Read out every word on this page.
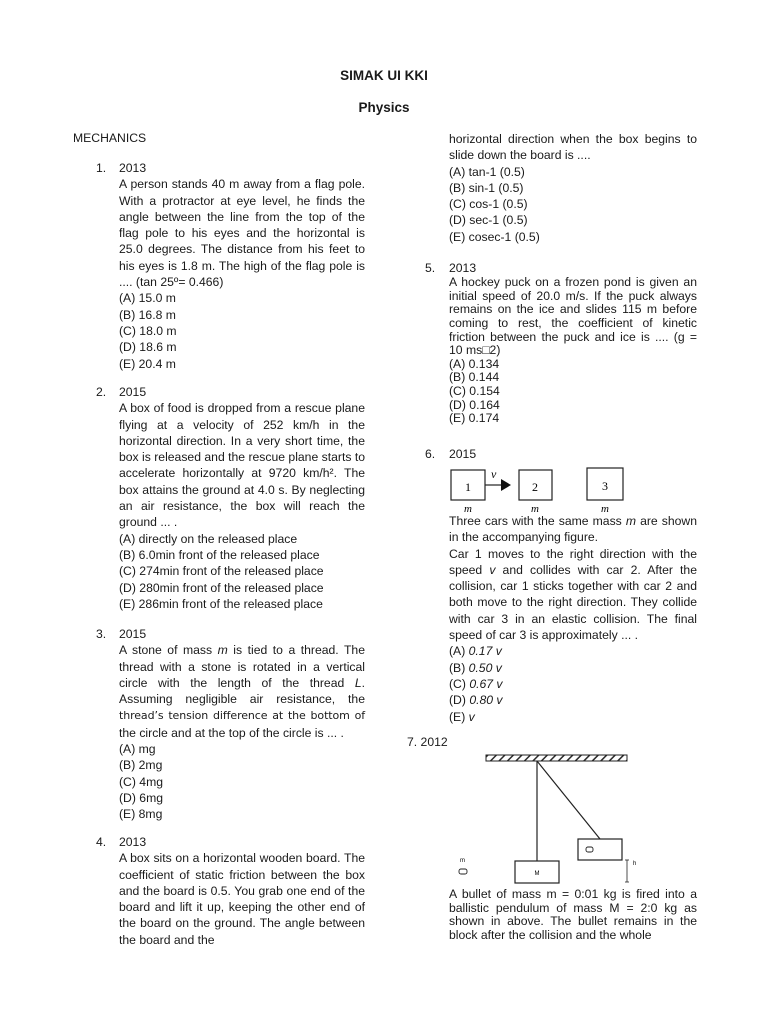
SIMAK UI KKI
Physics
MECHANICS
1. 2013
A person stands 40 m away from a flag pole. With a protractor at eye level, he finds the angle between the line from the top of the flag pole to his eyes and the horizontal is 25.0 degrees. The distance from his feet to his eyes is 1.8 m. The high of the flag pole is .... (tan 25º= 0.466)
(A) 15.0 m
(B) 16.8 m
(C) 18.0 m
(D) 18.6 m
(E) 20.4 m
2. 2015
A box of food is dropped from a rescue plane flying at a velocity of 252 km/h in the horizontal direction. In a very short time, the box is released and the rescue plane starts to accelerate horizontally at 9720 km/h². The box attains the ground at 4.0 s. By neglecting an air resistance, the box will reach the ground ... .
(A) directly on the released place
(B) 6.0min front of the released place
(C) 274min front of the released place
(D) 280min front of the released place
(E) 286min front of the released place
3. 2015
A stone of mass m is tied to a thread. The thread with a stone is rotated in a vertical circle with the length of the thread L. Assuming negligible air resistance, the thread’s tension difference at the bottom of the circle and at the top of the circle is ... .
(A) mg
(B) 2mg
(C) 4mg
(D) 6mg
(E) 8mg
4. 2013
A box sits on a horizontal wooden board. The coefficient of static friction between the box and the board is 0.5. You grab one end of the board and lift it up, keeping the other end of the board on the ground. The angle between the board and the
horizontal direction when the box begins to slide down the board is ....
(A) tan-1 (0.5)
(B) sin-1 (0.5)
(C) cos-1 (0.5)
(D) sec-1 (0.5)
(E) cosec-1 (0.5)
5. 2013
A hockey puck on a frozen pond is given an initial speed of 20.0 m/s. If the puck always remains on the ice and slides 115 m before coming to rest, the coefficient of kinetic friction between the puck and ice is .... (g = 10 ms□2)
(A) 0.134
(B) 0.144
(C) 0.154
(D) 0.164
(E) 0.174
6. 2015
1
v
2	3
m	m	m
Three cars with the same mass m are shown in the accompanying figure.
Car 1 moves to the right direction with the speed v and collides with car 2. After the collision, car 1 sticks together with car 2 and both move to the right direction. They collide with car 3 in an elastic collision. The final speed of car 3 is approximately ... .
(A) 0.17 v
(B) 0.50 v
(C) 0.67 v
(D) 0.80 v
(E) v
7. 2012
M
h
m
A bullet of mass m = 0:01 kg is fired into a ballistic pendulum of mass M = 2:0 kg as shown in above. The bullet remains in the block after the collision and the whole
